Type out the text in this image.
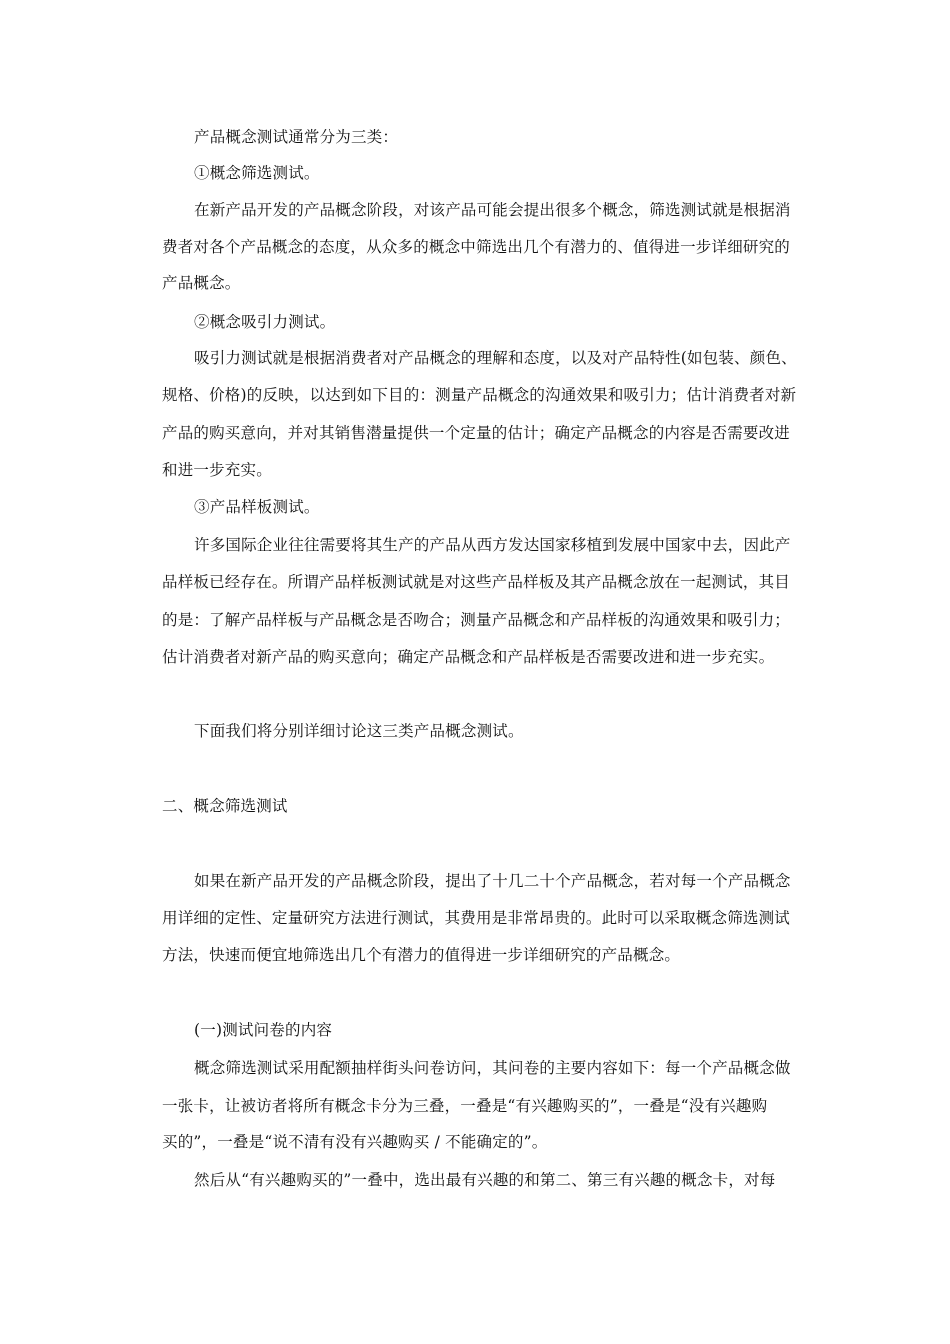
产品概念测试通常分为三类：
①概念筛选测试。
在新产品开发的产品概念阶段，对该产品可能会提出很多个概念，筛选测试就是根据消
费者对各个产品概念的态度，从众多的概念中筛选出几个有潜力的、值得进一步详细研究的
产品概念。
②概念吸引力测试。
吸引力测试就是根据消费者对产品概念的理解和态度，以及对产品特性(如包装、颜色、
规格、价格)的反映，以达到如下目的：测量产品概念的沟通效果和吸引力；估计消费者对新
产品的购买意向，并对其销售潜量提供一个定量的估计；确定产品概念的内容是否需要改进
和进一步充实。
③产品样板测试。
许多国际企业往往需要将其生产的产品从西方发达国家移植到发展中国家中去，因此产
品样板已经存在。所谓产品样板测试就是对这些产品样板及其产品概念放在一起测试，其目
的是：了解产品样板与产品概念是否吻合；测量产品概念和产品样板的沟通效果和吸引力；
估计消费者对新产品的购买意向；确定产品概念和产品样板是否需要改进和进一步充实。
下面我们将分别详细讨论这三类产品概念测试。
二、概念筛选测试
如果在新产品开发的产品概念阶段，提出了十几二十个产品概念，若对每一个产品概念
用详细的定性、定量研究方法进行测试，其费用是非常昂贵的。此时可以采取概念筛选测试
方法，快速而便宜地筛选出几个有潜力的值得进一步详细研究的产品概念。
(一)测试问卷的内容
概念筛选测试采用配额抽样街头问卷访问，其问卷的主要内容如下：每一个产品概念做
一张卡，让被访者将所有概念卡分为三叠，一叠是“有兴趣购买的”，一叠是“没有兴趣购
买的”，一叠是“说不清有没有兴趣购买 / 不能确定的”。
然后从“有兴趣购买的”一叠中，选出最有兴趣的和第二、第三有兴趣的概念卡，对每
